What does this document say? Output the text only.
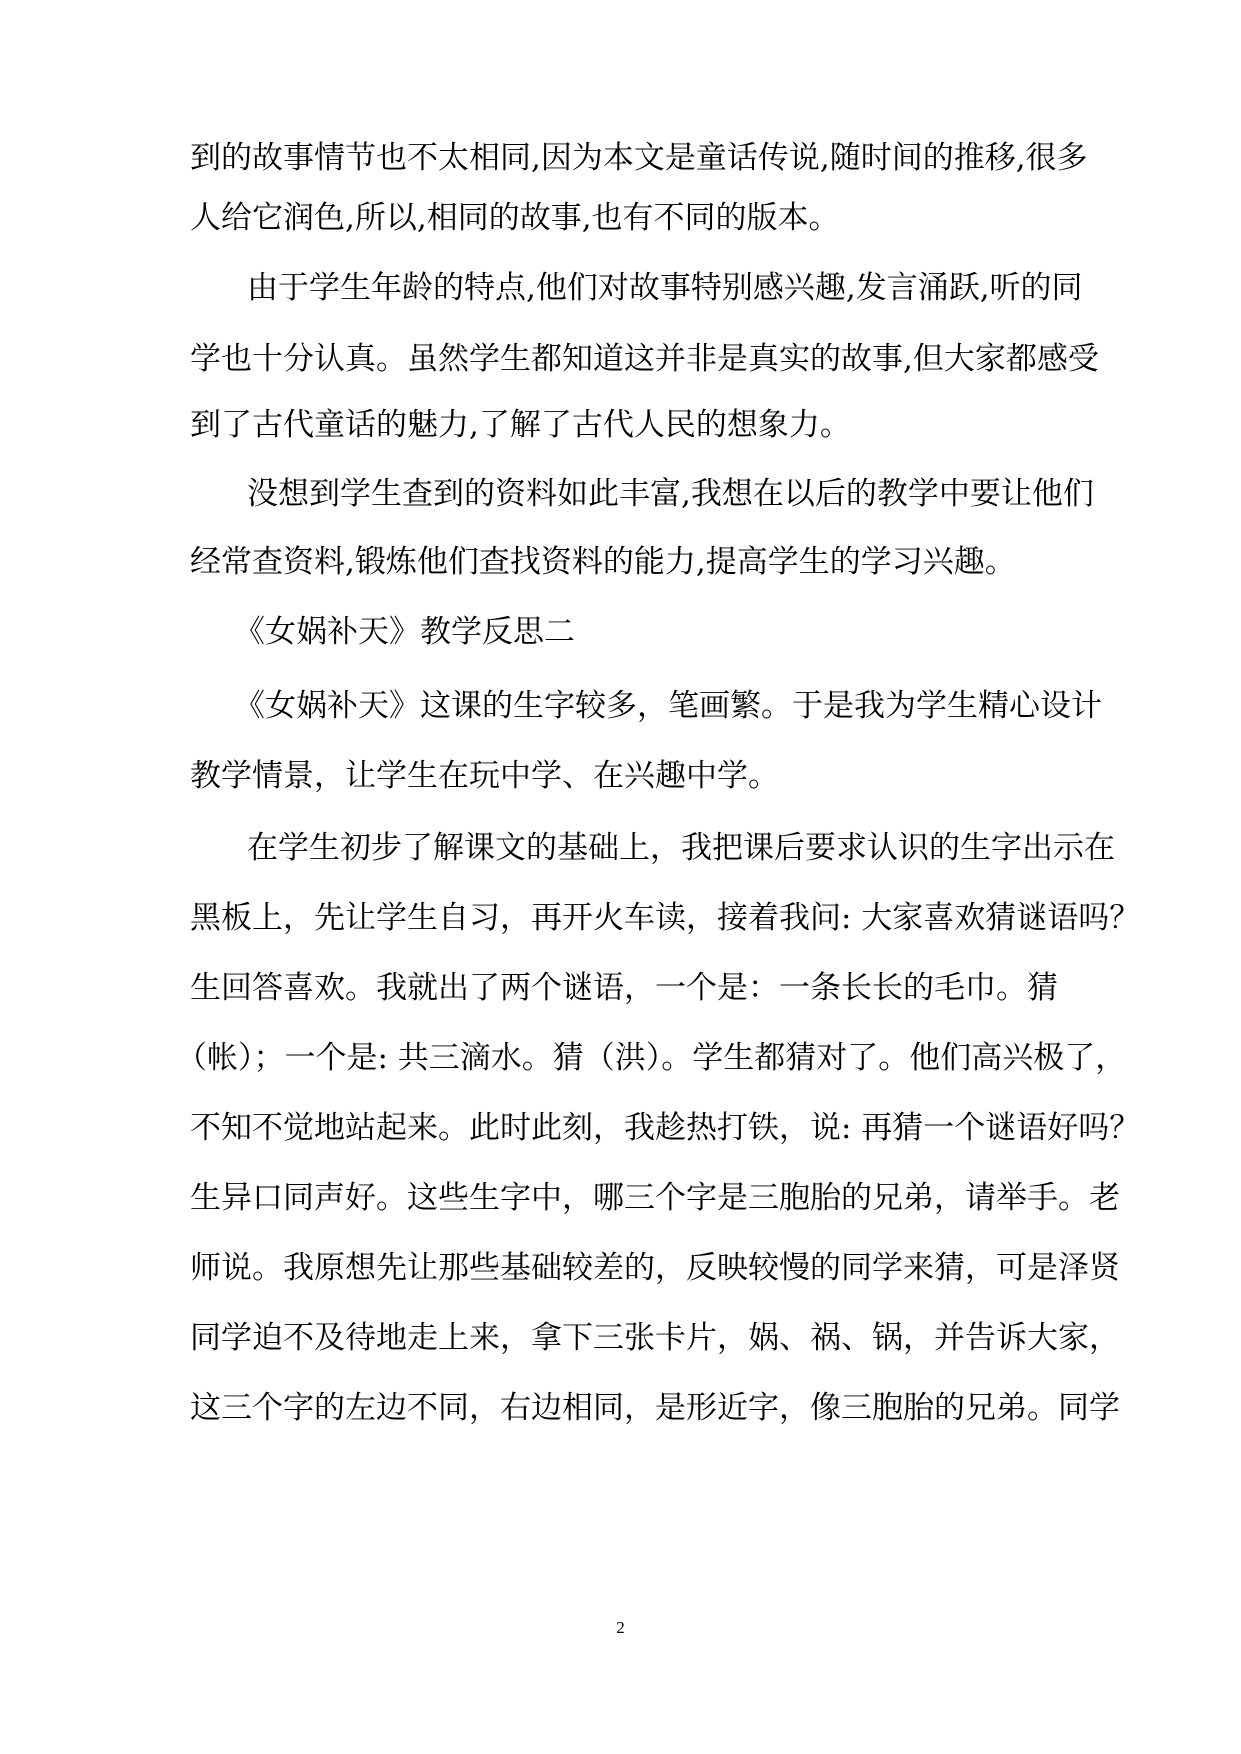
到的故事情节也不太相同,因为本文是童话传说,随时间的推移,很多
人给它润色,所以,相同的故事,也有不同的版本。
由于学生年龄的特点,他们对故事特别感兴趣,发言涌跃,听的同
学也十分认真。虽然学生都知道这并非是真实的故事,但大家都感受
到了古代童话的魅力,了解了古代人民的想象力。
没想到学生查到的资料如此丰富,我想在以后的教学中要让他们
经常查资料,锻炼他们查找资料的能力,提高学生的学习兴趣。
《女娲补天》教学反思二
《女娲补天》这课的生字较多，笔画繁。于是我为学生精心设计
教学情景，让学生在玩中学、在兴趣中学。
在学生初步了解课文的基础上，我把课后要求认识的生字出示在
黑板上，先让学生自习，再开火车读，接着我问: 大家喜欢猜谜语吗？
生回答喜欢。我就出了两个谜语，一个是：一条长长的毛巾。猜
（帐）；一个是: 共三滴水。猜（洪）。学生都猜对了。他们高兴极了，
不知不觉地站起来。此时此刻，我趁热打铁，说: 再猜一个谜语好吗？
生异口同声好。这些生字中，哪三个字是三胞胎的兄弟，请举手。老
师说。我原想先让那些基础较差的，反映较慢的同学来猜，可是泽贤
同学迫不及待地走上来，拿下三张卡片，娲、祸、锅，并告诉大家，
这三个字的左边不同，右边相同，是形近字，像三胞胎的兄弟。同学
2
